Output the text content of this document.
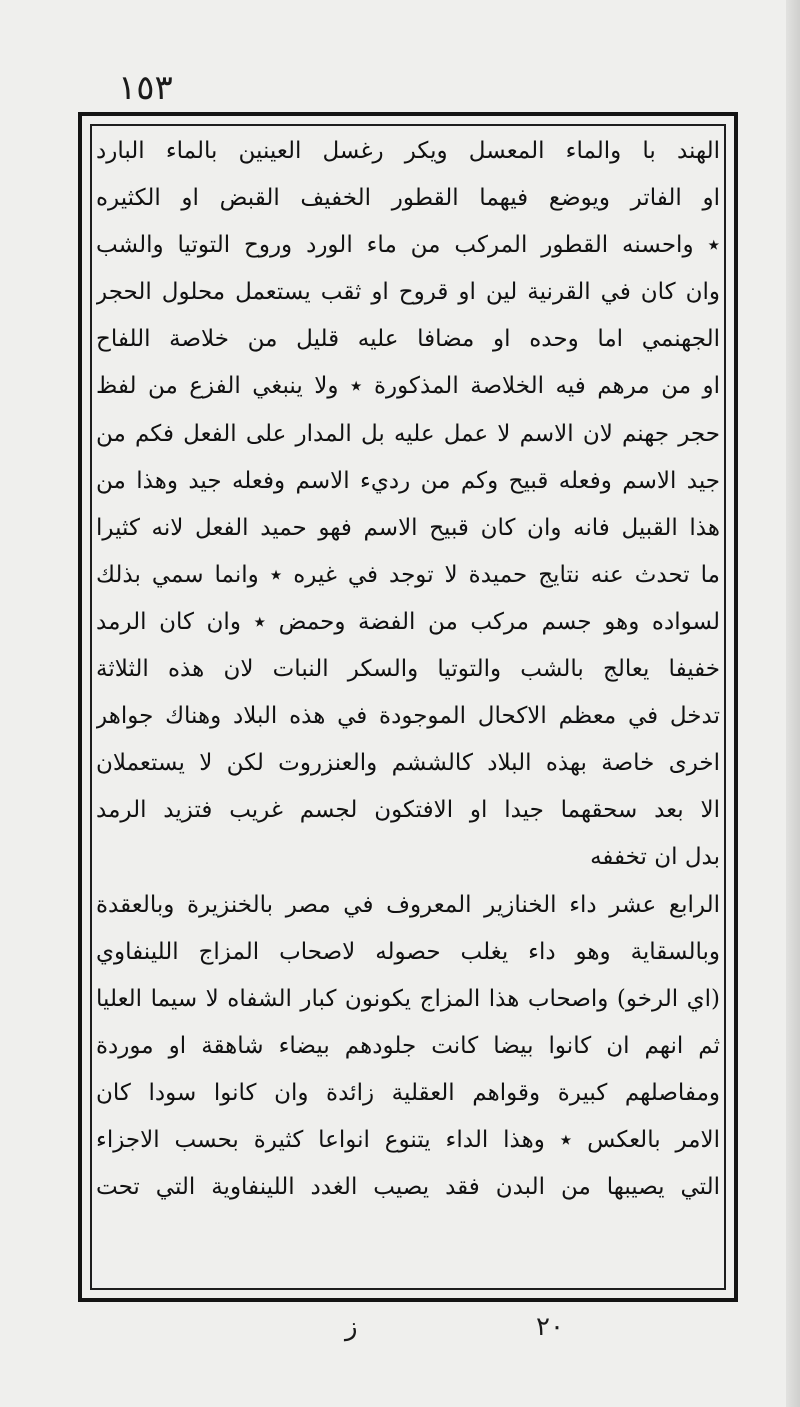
١٥٣
الهند با والماء المعسل ويكر رغسل العينين بالماء البارد
او الفاتر ويوضع فيهما القطور الخفيف القبض او الكثيره
٭ واحسنه القطور المركب من ماء الورد وروح التوتيا والشب
وان كان في القرنية لين او قروح او ثقب يستعمل محلول الحجر
الجهنمي اما وحده او مضافا عليه قليل من خلاصة اللفاح
او من مرهم فيه الخلاصة المذكورة ٭ ولا ينبغي الفزع من لفظ
حجر جهنم لان الاسم لا عمل عليه بل المدار على الفعل فكم من
جيد الاسم وفعله قبيح وكم من رديء الاسم وفعله جيد وهذا من
هذا القبيل فانه وان كان قبيح الاسم فهو حميد الفعل لانه كثيرا
ما تحدث عنه نتايج حميدة لا توجد في غيره ٭ وانما سمي بذلك
لسواده وهو جسم مركب من الفضة وحمض ٭ وان كان الرمد
خفيفا يعالج بالشب والتوتيا والسكر النبات لان هذه الثلاثة
تدخل في معظم الاكحال الموجودة في هذه البلاد وهناك جواهر
اخرى خاصة بهذه البلاد كالششم والعنزروت لكن لا يستعملان
الا بعد سحقهما جيدا او الافتكون لجسم غريب فتزيد الرمد
بدل ان تخففه
الرابع عشر داء الخنازير المعروف في مصر بالخنزيرة وبالعقدة
وبالسقاية وهو داء يغلب حصوله لاصحاب المزاج اللينفاوي
(اي الرخو) واصحاب هذا المزاج يكونون كبار الشفاه لا سيما العليا
ثم انهم ان كانوا بيضا كانت جلودهم بيضاء شاهقة او موردة
ومفاصلهم كبيرة وقواهم العقلية زائدة وان كانوا سودا كان
الامر بالعكس ٭ وهذا الداء يتنوع انواعا كثيرة بحسب الاجزاء
التي يصيبها من البدن فقد يصيب الغدد اللينفاوية التي تحت
٢٠
ز
